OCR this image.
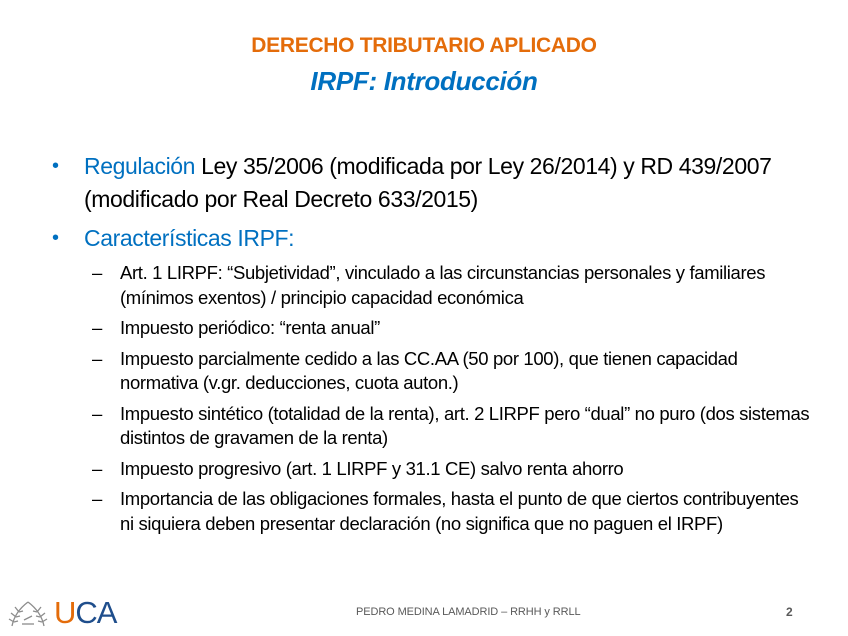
DERECHO TRIBUTARIO APLICADO
IRPF: Introducción
• Regulación Ley 35/2006 (modificada por Ley 26/2014) y RD 439/2007 (modificado por Real Decreto 633/2015)
• Características IRPF:
– Art. 1 LIRPF: “Subjetividad”, vinculado a las circunstancias personales y familiares (mínimos exentos) / principio capacidad económica
– Impuesto periódico: “renta anual”
– Impuesto parcialmente cedido a las CC.AA (50 por 100), que tienen capacidad normativa (v.gr. deducciones, cuota auton.)
– Impuesto sintético (totalidad de la renta), art. 2 LIRPF pero “dual” no puro (dos sistemas distintos de gravamen de la renta)
– Impuesto progresivo (art. 1 LIRPF y 31.1 CE) salvo renta ahorro
– Importancia de las obligaciones formales, hasta el punto de que ciertos contribuyentes ni siquiera deben presentar declaración (no significa que no paguen el IRPF)
UCA	PEDRO MEDINA LAMADRID – RRHH y RRLL	2
